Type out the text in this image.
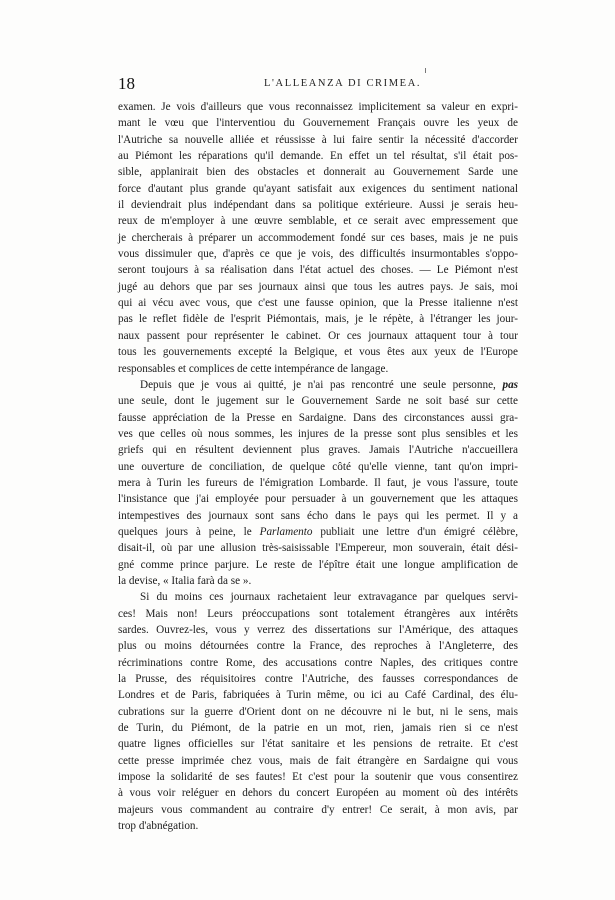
18	L'ALLEANZA DI CRIMEA.

examen. Je vois d'ailleurs que vous reconnaissez implicitement sa valeur en expri-
mant le vœu que l'interventiou du Gouvernement Français ouvre les yeux de
l'Autriche sa nouvelle alliée et réussisse à lui faire sentir la nécessité d'accorder
au Piémont les réparations qu'il demande. En effet un tel résultat, s'il était pos-
sible, applanirait bien des obstacles et donnerait au Gouvernement Sarde une
force d'autant plus grande qu'ayant satisfait aux exigences du sentiment national
il deviendrait plus indépendant dans sa politique extérieure. Aussi je serais heu-
reux de m'employer à une œuvre semblable, et ce serait avec empressement que
je chercherais à préparer un accommodement fondé sur ces bases, mais je ne puis
vous dissimuler que, d'après ce que je vois, des difficultés insurmontables s'oppo-
seront toujours à sa réalisation dans l'état actuel des choses. — Le Piémont n'est
jugé au dehors que par ses journaux ainsi que tous les autres pays. Je sais, moi
qui ai vécu avec vous, que c'est une fausse opinion, que la Presse italienne n'est
pas le reflet fidèle de l'esprit Piémontais, mais, je le répète, à l'étranger les jour-
naux passent pour représenter le cabinet. Or ces journaux attaquent tour à tour
tous les gouvernements excepté la Belgique, et vous êtes aux yeux de l'Europe
responsables et complices de cette intempérance de langage.

Depuis que je vous ai quitté, je n'ai pas rencontré une seule personne, pas
une seule, dont le jugement sur le Gouvernement Sarde ne soit basé sur cette
fausse appréciation de la Presse en Sardaigne. Dans des circonstances aussi gra-
ves que celles où nous sommes, les injures de la presse sont plus sensibles et les
griefs qui en résultent deviennent plus graves. Jamais l'Autriche n'accueillera
une ouverture de conciliation, de quelque côté qu'elle vienne, tant qu'on impri-
mera à Turin les fureurs de l'émigration Lombarde. Il faut, je vous l'assure, toute
l'insistance que j'ai employée pour persuader à un gouvernement que les attaques
intempestives des journaux sont sans écho dans le pays qui les permet. Il y a
quelques jours à peine, le Parlamento publiait une lettre d'un émigré célèbre,
disait-il, où par une allusion très-saisissable l'Empereur, mon souverain, était dési-
gné comme prince parjure. Le reste de l'épître était une longue amplification de
la devise, « Italia farà da se ».

Si du moins ces journaux rachetaient leur extravagance par quelques servi-
ces! Mais non! Leurs préoccupations sont totalement étrangères aux intérêts
sardes. Ouvrez-les, vous y verrez des dissertations sur l'Amérique, des attaques
plus ou moins détournées contre la France, des reproches à l'Angleterre, des
récriminations contre Rome, des accusations contre Naples, des critiques contre
la Prusse, des réquisitoires contre l'Autriche, des fausses correspondances de
Londres et de Paris, fabriquées à Turin même, ou ici au Café Cardinal, des élu-
cubrations sur la guerre d'Orient dont on ne découvre ni le but, ni le sens, mais
de Turin, du Piémont, de la patrie en un mot, rien, jamais rien si ce n'est
quatre lignes officielles sur l'état sanitaire et les pensions de retraite. Et c'est
cette presse imprimée chez vous, mais de fait étrangère en Sardaigne qui vous
impose la solidarité de ses fautes! Et c'est pour la soutenir que vous consentirez
à vous voir reléguer en dehors du concert Européen au moment où des intérêts
majeurs vous commandent au contraire d'y entrer! Ce serait, à mon avis, par
trop d'abnégation.
